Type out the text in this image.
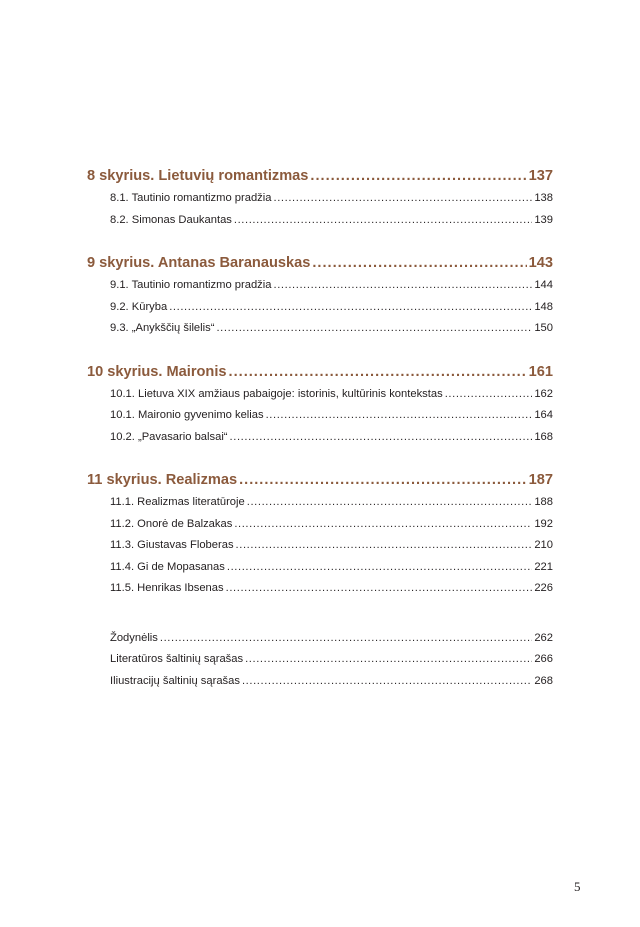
8 skyrius. Lietuvių romantizmas .....	137
8.1. Tautinio romantizmo pradžia .....	138
8.2. Simonas Daukantas .....	139
9 skyrius. Antanas Baranauskas .....	143
9.1. Tautinio romantizmo pradžia .....	144
9.2. Kūryba .....	148
9.3. „Anykščių šilelis“ .....	150
10 skyrius. Maironis .....	161
10.1. Lietuva XIX amžiaus pabaigoje: istorinis, kultūrinis kontekstas .....	162
10.1. Maironio gyvenimo kelias .....	164
10.2. „Pavasario balsai“ .....	168
11 skyrius. Realizmas .....	187
11.1. Realizmas literatūroje .....	188
11.2. Onorė de Balzakas .....	192
11.3. Giustavas Floberas .....	210
11.4. Gi de Mopasanas .....	221
11.5. Henrikas Ibsenas .....	226
Žodynėlis .....	262
Literatūros šaltinių sąrašas .....	266
Iliustracijų šaltinių sąrašas .....	268
5
